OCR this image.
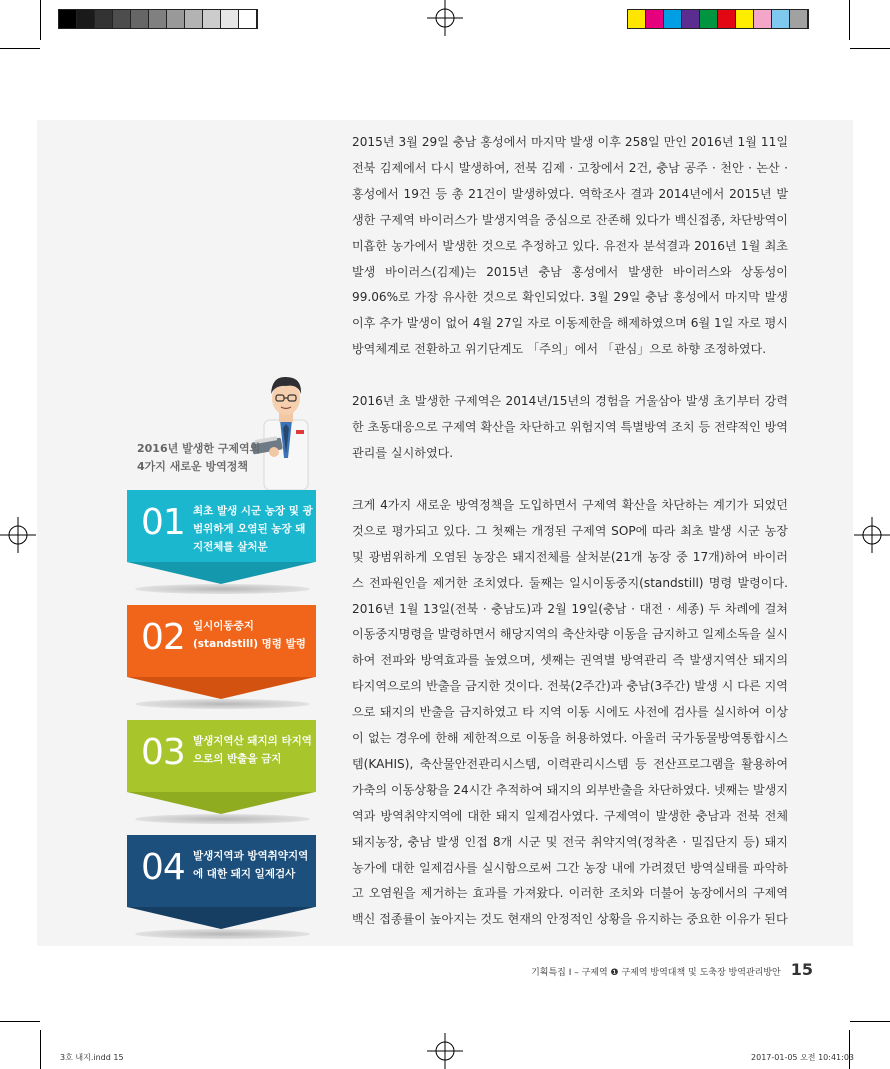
2015년 3월 29일 충남 홍성에서 마지막 발생 이후 258일 만인 2016년 1월 11일 전북 김제에서 다시 발생하여, 전북 김제 · 고창에서 2건, 충남 공주 · 천안 · 논산 · 홍성에서 19건 등 총 21건이 발생하였다. 역학조사 결과 2014년에서 2015년 발생한 구제역 바이러스가 발생지역을 중심으로 잔존해 있다가 백신접종, 차단방역이 미흡한 농가에서 발생한 것으로 추정하고 있다. 유전자 분석결과 2016년 1월 최초 발생 바이러스(김제)는 2015년 충남 홍성에서 발생한 바이러스와 상동성이 99.06%로 가장 유사한 것으로 확인되었다. 3월 29일 충남 홍성에서 마지막 발생 이후 추가 발생이 없어 4월 27일 자로 이동제한을 해제하였으며 6월 1일 자로 평시 방역체계로 전환하고 위기단계도 「주의」에서 「관심」으로 하향 조정하였다.

2016년 초 발생한 구제역은 2014년/15년의 경험을 거울삼아 발생 초기부터 강력한 초동대응으로 구제역 확산을 차단하고 위험지역 특별방역 조치 등 전략적인 방역관리를 실시하였다.

크게 4가지 새로운 방역정책을 도입하면서 구제역 확산을 차단하는 계기가 되었던 것으로 평가되고 있다. 그 첫째는 개정된 구제역 SOP에 따라 최초 발생 시군 농장 및 광범위하게 오염된 농장은 돼지전체를 살처분(21개 농장 중 17개)하여 바이러스 전파원인을 제거한 조치였다. 둘째는 일시이동중지(standstill) 명령 발령이다. 2016년 1월 13일(전북 · 충남도)과 2월 19일(충남 · 대전 · 세종) 두 차례에 걸쳐 이동중지명령을 발령하면서 해당지역의 축산차량 이동을 금지하고 일제소독을 실시하여 전파와 방역효과를 높였으며, 셋째는 권역별 방역관리 즉 발생지역산 돼지의 타지역으로의 반출을 금지한 것이다. 전북(2주간)과 충남(3주간) 발생 시 다른 지역으로 돼지의 반출을 금지하였고 타 지역 이동 시에도 사전에 검사를 실시하여 이상이 없는 경우에 한해 제한적으로 이동을 허용하였다. 아울러 국가동물방역통합시스템(KAHIS), 축산물안전관리시스템, 이력관리시스템 등 전산프로그램을 활용하여 가축의 이동상황을 24시간 추적하여 돼지의 외부반출을 차단하였다. 넷째는 발생지역과 방역취약지역에 대한 돼지 일제검사였다. 구제역이 발생한 충남과 전북 전체 돼지농장, 충남 발생 인접 8개 시군 및 전국 취약지역(정착촌 · 밀집단지 등) 돼지 농가에 대한 일제검사를 실시함으로써 그간 농장 내에 가려졌던 방역실태를 파악하고 오염원을 제거하는 효과를 가져왔다. 이러한 조치와 더불어 농장에서의 구제역 백신 접종률이 높아지는 것도 현재의 안정적인 상황을 유지하는 중요한 이유가 된다

2016년 발생한 구제역의
4가지 새로운 방역정책
01 최초 발생 시군 농장 및 광범위하게 오염된 농장 돼지전체를 살처분
02 일시이동중지(standstill) 명령 발령
03 발생지역산 돼지의 타지역으로의 반출을 금지
04 발생지역과 방역취약지역에 대한 돼지 일제검사
기획특집 I – 구제역 ❶ 구제역 방역대책 및 도축장 방역관리방안 15
3호 내지.indd 15	2017-01-05 오전 10:41:03
